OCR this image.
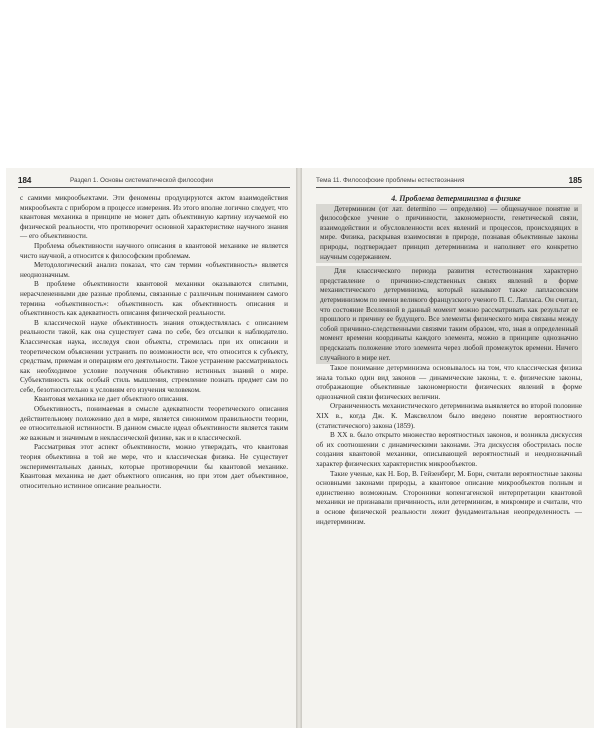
184	Раздел 1. Основы систематической философии

с самими микрообъектами. Эти феномены продуцируются актом взаимодействия микрообъекта с прибором в процессе измерения. Из этого вполне логично следует, что квантовая механика в принципе не может дать объективную картину изучаемой ею физической реальности, что противоречит основной характеристике научного знания — его объективности.

Проблема объективности научного описания в квантовой механике не является чисто научной, а относится к философским проблемам.

Методологический анализ показал, что сам термин «объективность» является неоднозначным.

В проблеме объективности квантовой механики оказываются слитыми, нерасчлененными две разные проблемы, связанные с различным пониманием самого термина «объективность»: объективность как объективность описания и объективность как адекватность описания физической реальности.

В классической науке объективность знания отождествлялась с описанием реальности такой, как она существует сама по себе, без отсылки к наблюдателю. Классическая наука, исследуя свои объекты, стремилась при их описании и теоретическом объяснении устранить по возможности все, что относится к субъекту, средствам, приемам и операциям его деятельности. Такое устранение рассматривалось как необходимое условие получения объективно истинных знаний о мире. Субъективность как особый стиль мышления, стремление познать предмет сам по себе, безотносительно к условиям его изучения человеком.

Квантовая механика не дает объектного описания.

Объективность, понимаемая в смысле адекватности теоретического описания действительному положению дел в мире, является синонимом правильности теории, ее относительной истинности. В данном смысле идеал объективности является таким же важным и значимым в неклассической физике, как и в классической.

Рассматривая этот аспект объективности, можно утверждать, что квантовая теория объективна в той же мере, что и классическая физика. Не существует экспериментальных данных, которые противоречили бы квантовой механике. Квантовая механика не дает объектного описания, но при этом дает объективное, относительно истинное описание реальности.

Тема 11. Философские проблемы естествознания	185

4. Проблема детерминизма в физике

Детерминизм (от лат. determino — определяю) — общенаучное понятие и философское учение о причинности, закономерности, генетической связи, взаимодействии и обусловленности всех явлений и процессов, происходящих в мире. Физика, раскрывая взаимосвязи в природе, познавая объективные законы природы, подтверждает принцип детерминизма и наполняет его конкретно научным содержанием.

Для классического периода развития естествознания характерно представление о причинно-следственных связях явлений в форме механистического детерминизма, который называют также лапласовским детерминизмом по имени великого французского ученого П. С. Лапласа. Он считал, что состояние Вселенной в данный момент можно рассматривать как результат ее прошлого и причину ее будущего. Все элементы физического мира связаны между собой причинно-следственными связями таким образом, что, зная в определенный момент времени координаты каждого элемента, можно в принципе однозначно предсказать положение этого элемента через любой промежуток времени. Ничего случайного в мире нет.

Такое понимание детерминизма основывалось на том, что классическая физика знала только один вид законов — динамические законы, т. е. физические законы, отображающие объективные закономерности физических явлений в форме однозначной связи физических величин.

Ограниченность механистического детерминизма выявляется во второй половине XIX в., когда Дж. К. Максвеллом было введено понятие вероятностного (статистического) закона (1859).

В XX в. было открыто множество вероятностных законов, и возникла дискуссия об их соотношении с динамическими законами. Эта дискуссия обострилась после создания квантовой механики, описывающей вероятностный и неоднозначный характер физических характеристик микрообъектов.

Такие ученые, как Н. Бор, В. Гейзенберг, М. Борн, считали вероятностные законы основными законами природы, а квантовое описание микрообъектов полным и единственно возможным. Сторонники копенгагенской интерпретации квантовой механики не признавали причинность, или детерминизм, в микромире и считали, что в основе физической реальности лежит фундаментальная неопределенность — индетерминизм.
